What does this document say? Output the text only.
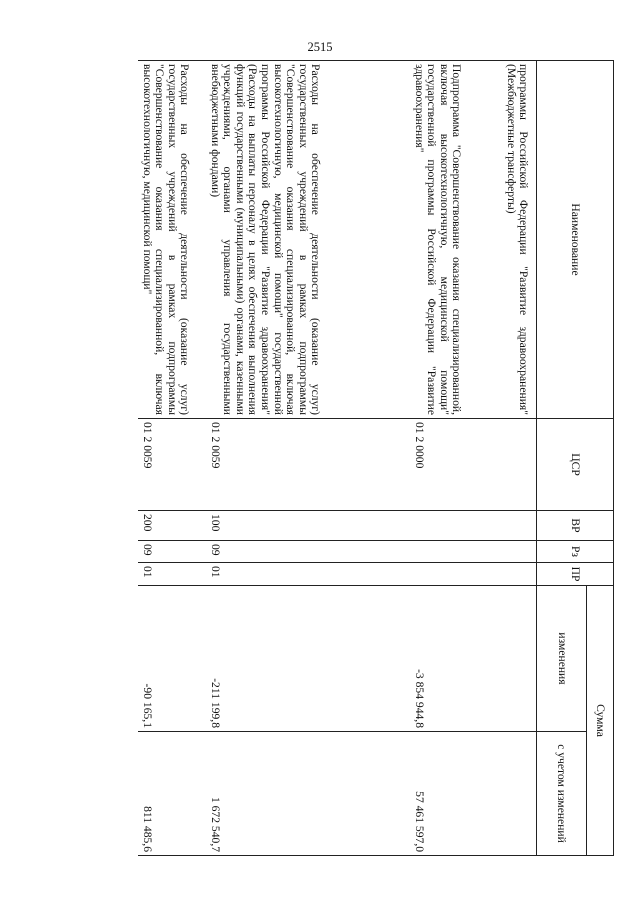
2515
Наименование	ЦСР	ВР	Рз	ПР	Сумма	
					изменения	с учетом изменений
программы Российской Федерации "Развитие здравоохранения" (Межбюджетные трансферты)						
Подпрограмма "Совершенствование оказания специализированной, включая высокотехнологичную, медицинской помощи" государственной программы Российской Федерации "Развитие здравоохранения"	01 2 0000				-3 854 944,8	57 461 597,0
Расходы на обеспечение деятельности (оказание услуг) государственных учреждений в рамках подпрограммы "Совершенствование оказания специализированной, включая высокотехнологичную, медицинской помощи" государственной программы Российской Федерации "Развитие здравоохранения" (Расходы на выплаты персоналу в целях обеспечения выполнения функций государственными (муниципальными) органами, казенными учреждениями, органами управления государственными внебюджетными фондами)	01 2 0059	100	09	01	-211 199,8	1 672 540,7
Расходы на обеспечение деятельности (оказание услуг) государственных учреждений в рамках подпрограммы "Совершенствование оказания специализированной, включая высокотехнологичную, медицинской помощи"	01 2 0059	200	09	01	-90 165,1	811 485,6
